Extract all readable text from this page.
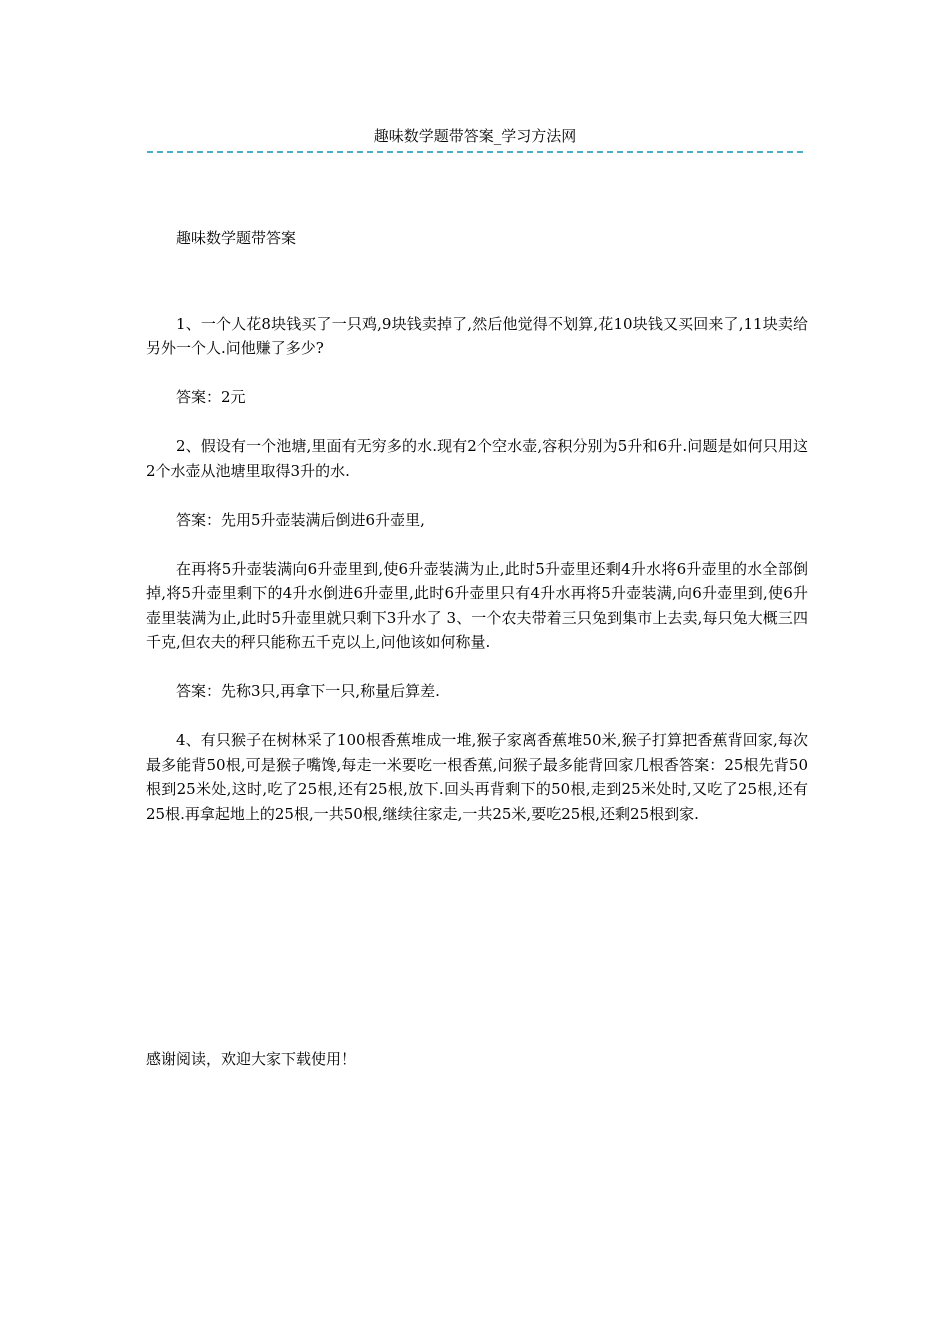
趣味数学题带答案_学习方法网

趣味数学题带答案

1、一个人花8块钱买了一只鸡,9块钱卖掉了,然后他觉得不划算,花10块钱又买回来了,11块卖给另外一个人.问他赚了多少?

答案：2元

2、假设有一个池塘,里面有无穷多的水.现有2个空水壶,容积分别为5升和6升.问题是如何只用这2个水壶从池塘里取得3升的水.

答案：先用5升壶装满后倒进6升壶里,

在再将5升壶装满向6升壶里到,使6升壶装满为止,此时5升壶里还剩4升水将6升壶里的水全部倒掉,将5升壶里剩下的4升水倒进6升壶里,此时6升壶里只有4升水再将5升壶装满,向6升壶里到,使6升壶里装满为止,此时5升壶里就只剩下3升水了 3、一个农夫带着三只兔到集市上去卖,每只兔大概三四千克,但农夫的秤只能称五千克以上,问他该如何称量.

答案：先称3只,再拿下一只,称量后算差.

4、有只猴子在树林采了100根香蕉堆成一堆,猴子家离香蕉堆50米,猴子打算把香蕉背回家,每次最多能背50根,可是猴子嘴馋,每走一米要吃一根香蕉,问猴子最多能背回家几根香答案：25根先背50根到25米处,这时,吃了25根,还有25根,放下.回头再背剩下的50根,走到25米处时,又吃了25根,还有25根.再拿起地上的25根,一共50根,继续往家走,一共25米,要吃25根,还剩25根到家.

感谢阅读，欢迎大家下载使用！
